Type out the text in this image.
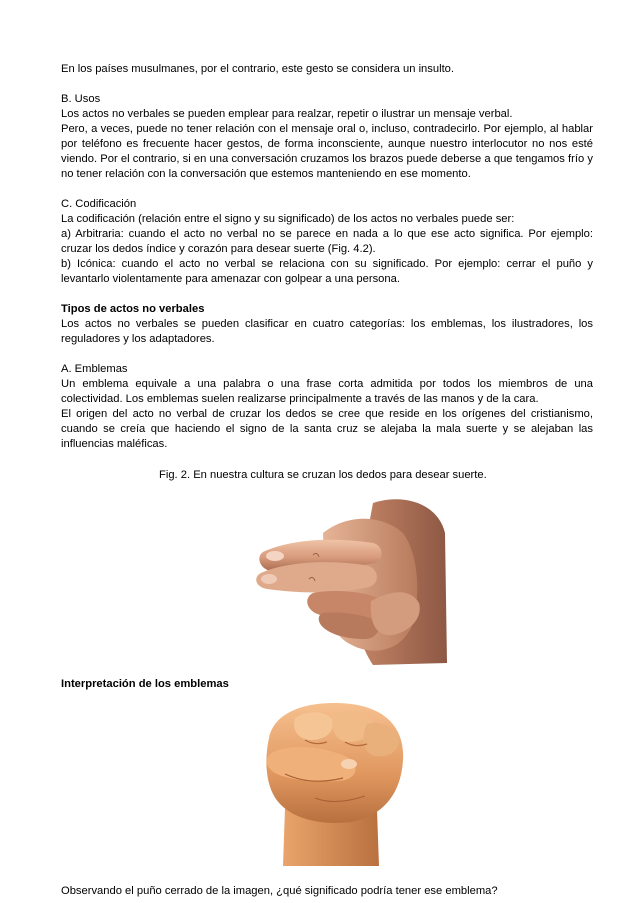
En los países musulmanes, por el contrario, este gesto se considera un insulto.

B. Usos

Los actos no verbales se pueden emplear para realzar, repetir o ilustrar un mensaje verbal.

Pero, a veces, puede no tener relación con el mensaje oral o, incluso, contradecirlo. Por ejemplo, al hablar por teléfono es frecuente hacer gestos, de forma inconsciente, aunque nuestro interlocutor no nos esté viendo. Por el contrario, si en una conversación cruzamos los brazos puede deberse a que tengamos frío y no tener relación con la conversación que estemos manteniendo en ese momento.

C. Codificación

La codificación (relación entre el signo y su significado) de los actos no verbales puede ser:

a) Arbitraria: cuando el acto no verbal no se parece en nada a lo que ese acto significa. Por ejemplo: cruzar los dedos índice y corazón para desear suerte (Fig. 4.2).

b) Icónica: cuando el acto no verbal se relaciona con su significado. Por ejemplo: cerrar el puño y levantarlo violentamente para amenazar con golpear a una persona.

Tipos de actos no verbales

Los actos no verbales se pueden clasificar en cuatro categorías: los emblemas, los ilustradores, los reguladores y los adaptadores.

A. Emblemas

Un emblema equivale a una palabra o una frase corta admitida por todos los miembros de una colectividad. Los emblemas suelen realizarse principalmente a través de las manos y de la cara.

El origen del acto no verbal de cruzar los dedos se cree que reside en los orígenes del cristianismo, cuando se creía que haciendo el signo de la santa cruz se alejaba la mala suerte y se alejaban las influencias maléficas.

Fig. 2. En nuestra cultura se cruzan los dedos para desear suerte.

Interpretación de los emblemas

Observando el puño cerrado de la imagen, ¿qué significado podría tener ese emblema?
